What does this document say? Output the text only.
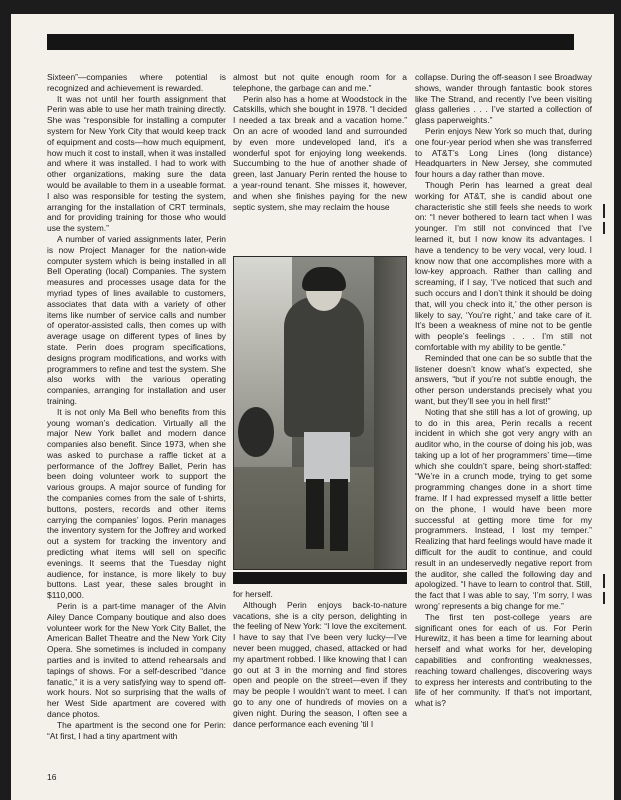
Sixteen”—companies where potential is recognized and achievement is rewarded.

It was not until her fourth assignment that Perin was able to use her math training directly. She was “responsible for installing a computer system for New York City that would keep track of equipment and costs—how much equipment, how much it cost to install, when it was installed and where it was installed. I had to work with other organizations, making sure the data would be available to them in a useable format. I also was responsible for testing the system, arranging for the installation of CRT terminals, and for providing training for those who would use the system.”

A number of varied assignments later, Perin is now Project Manager for the nation-wide computer system which is being installed in all Bell Operating (local) Companies. The system measures and processes usage data for the myriad types of lines available to customers, associates that data with a variety of other items like number of service calls and number of operator-assisted calls, then comes up with average usage on different types of lines by state. Perin does program specifications, designs program modifications, and works with programmers to refine and test the system. She also works with the various operating companies, arranging for installation and user training.

It is not only Ma Bell who benefits from this young woman’s dedication. Virtually all the major New York ballet and modern dance companies also benefit. Since 1973, when she was asked to purchase a raffle ticket at a performance of the Joffrey Ballet, Perin has been doing volunteer work to support the various groups. A major source of funding for the companies comes from the sale of t-shirts, buttons, posters, records and other items carrying the companies’ logos. Perin manages the inventory system for the Joffrey and worked out a system for tracking the inventory and predicting what items will sell on specific evenings. It seems that the Tuesday night audience, for instance, is more likely to buy buttons. Last year, these sales brought in $110,000.

Perin is a part-time manager of the Alvin Ailey Dance Company boutique and also does volunteer work for the New York City Ballet, the American Ballet Theatre and the New York City Opera. She sometimes is included in company parties and is invited to attend rehearsals and tapings of shows. For a self-described “dance fanatic,” it is a very satisfying way to spend off-work hours. Not so surprising that the walls of her West Side apartment are covered with dance photos.

The apartment is the second one for Perin: “At first, I had a tiny apartment with

almost but not quite enough room for a telephone, the garbage can and me.”

Perin also has a home at Woodstock in the Catskills, which she bought in 1978. “I decided I needed a tax break and a vacation home.” On an acre of wooded land and surrounded by even more undeveloped land, it’s a wonderful spot for enjoying long weekends. Succumbing to the hue of another shade of green, last January Perin rented the house to a year-round tenant. She misses it, however, and when she finishes paying for the new septic system, she may reclaim the house

for herself.

Although Perin enjoys back-to-nature vacations, she is a city person, delighting in the feeling of New York: “I love the excitement. I have to say that I’ve been very lucky—I’ve never been mugged, chased, attacked or had my apartment robbed. I like knowing that I can go out at 3 in the morning and find stores open and people on the street—even if they may be people I wouldn’t want to meet. I can go to any one of hundreds of movies on a given night. During the season, I often see a dance performance each evening ’til I

collapse. During the off-season I see Broadway shows, wander through fantastic book stores like The Strand, and recently I’ve been visiting glass galleries . . . I’ve started a collection of glass paperweights.”

Perin enjoys New York so much that, during one four-year period when she was transferred to AT&T’s Long Lines (long distance) Headquarters in New Jersey, she commuted four hours a day rather than move.

Though Perin has learned a great deal working for AT&T, she is candid about one characteristic she still feels she needs to work on: “I never bothered to learn tact when I was younger. I’m still not convinced that I’ve learned it, but I now know its advantages. I have a tendency to be very vocal, very loud. I know now that one accomplishes more with a low-key approach. Rather than calling and screaming, if I say, ‘I’ve noticed that such and such occurs and I don’t think it should be doing that, will you check into it,’ the other person is likely to say, ‘You’re right,’ and take care of it. It’s been a weakness of mine not to be gentle with people’s feelings . . . I’m still not comfortable with my ability to be gentle.”

Reminded that one can be so subtle that the listener doesn’t know what’s expected, she answers, “but if you’re not subtle enough, the other person understands precisely what you want, but they’ll see you in hell first!”

Noting that she still has a lot of growing, up to do in this area, Perin recalls a recent incident in which she got very angry with an auditor who, in the course of doing his job, was taking up a lot of her programmers’ time—time which she couldn’t spare, being short-staffed: “We’re in a crunch mode, trying to get some programming changes done in a short time frame. If I had expressed myself a little better on the phone, I would have been more successful at getting more time for my programmers. Instead, I lost my temper.” Realizing that hard feelings would have made it difficult for the audit to continue, and could result in an undeservedly negative report from the auditor, she called the following day and apologized. “I have to learn to control that. Still, the fact that I was able to say, ‘I’m sorry, I was wrong’ represents a big change for me.”

The first ten post-college years are significant ones for each of us. For Perin Hurewitz, it has been a time for learning about herself and what works for her, developing capabilities and confronting weaknesses, reaching toward challenges, discovering ways to express her interests and contributing to the life of her community. If that’s not important, what is?

16
